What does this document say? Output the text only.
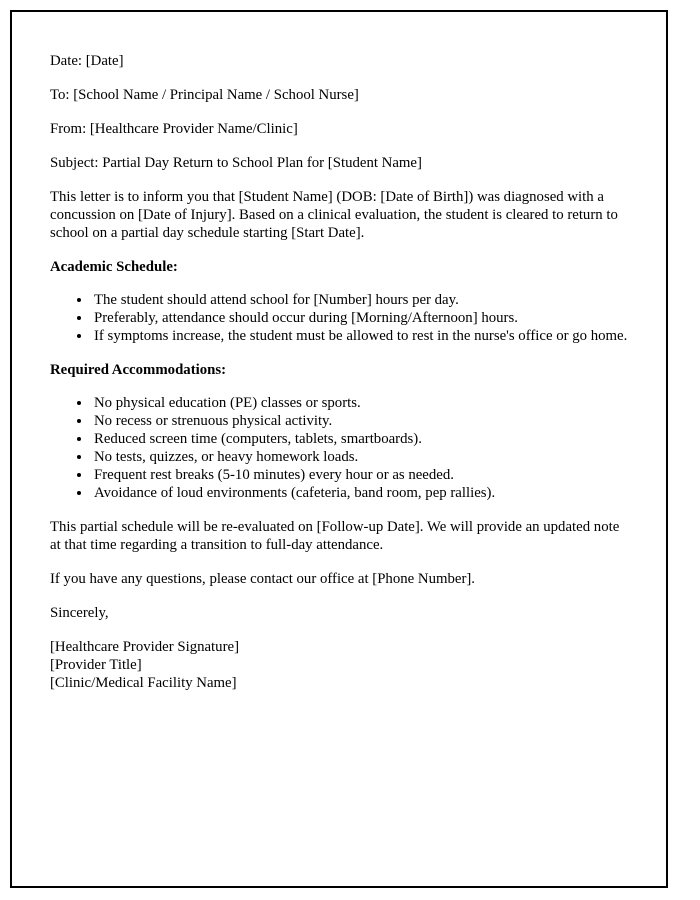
Date: [Date]

To: [School Name / Principal Name / School Nurse]

From: [Healthcare Provider Name/Clinic]

Subject: Partial Day Return to School Plan for [Student Name]

This letter is to inform you that [Student Name] (DOB: [Date of Birth]) was diagnosed with a concussion on [Date of Injury]. Based on a clinical evaluation, the student is cleared to return to school on a partial day schedule starting [Start Date].

Academic Schedule:

• The student should attend school for [Number] hours per day.
• Preferably, attendance should occur during [Morning/Afternoon] hours.
• If symptoms increase, the student must be allowed to rest in the nurse's office or go home.

Required Accommodations:

• No physical education (PE) classes or sports.
• No recess or strenuous physical activity.
• Reduced screen time (computers, tablets, smartboards).
• No tests, quizzes, or heavy homework loads.
• Frequent rest breaks (5-10 minutes) every hour or as needed.
• Avoidance of loud environments (cafeteria, band room, pep rallies).

This partial schedule will be re-evaluated on [Follow-up Date]. We will provide an updated note at that time regarding a transition to full-day attendance.

If you have any questions, please contact our office at [Phone Number].

Sincerely,

[Healthcare Provider Signature]

[Provider Title]

[Clinic/Medical Facility Name]
